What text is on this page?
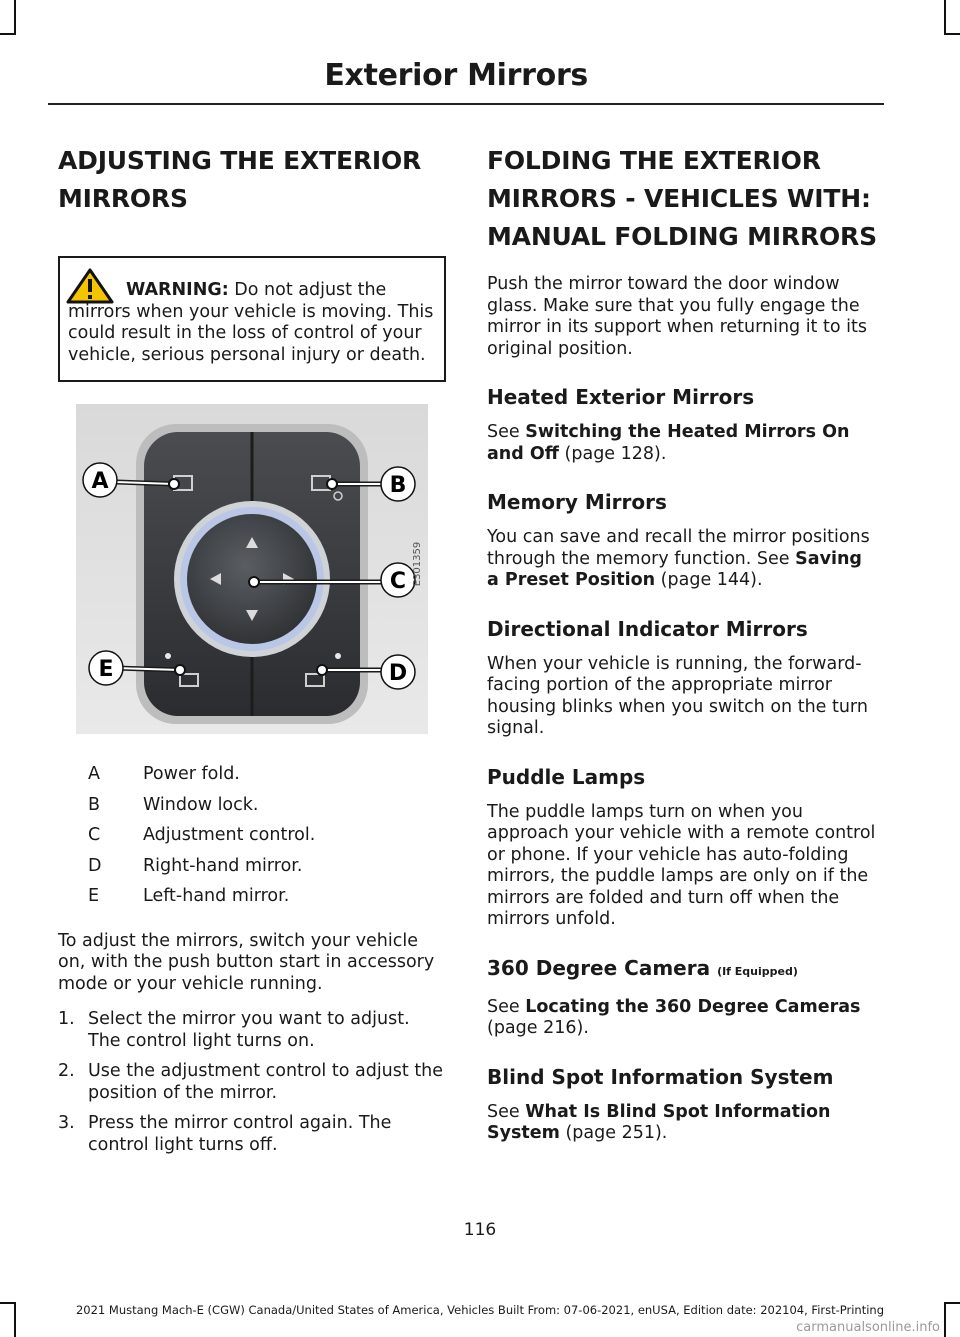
Exterior Mirrors
ADJUSTING THE EXTERIOR MIRRORS
WARNING: Do not adjust the mirrors when your vehicle is moving. This could result in the loss of control of your vehicle, serious personal injury or death.
A	B
C
D
E
E301359
A	Power fold.
B	Window lock.
C	Adjustment control.
D	Right-hand mirror.
E	Left-hand mirror.

To adjust the mirrors, switch your vehicle on, with the push button start in accessory mode or your vehicle running.

1. Select the mirror you want to adjust. The control light turns on.
2. Use the adjustment control to adjust the position of the mirror.
3. Press the mirror control again. The control light turns off.
FOLDING THE EXTERIOR MIRRORS - VEHICLES WITH: MANUAL FOLDING MIRRORS

Push the mirror toward the door window glass. Make sure that you fully engage the mirror in its support when returning it to its original position.

Heated Exterior Mirrors

See Switching the Heated Mirrors On and Off (page 128).

Memory Mirrors

You can save and recall the mirror positions through the memory function. See Saving a Preset Position (page 144).

Directional Indicator Mirrors

When your vehicle is running, the forward-facing portion of the appropriate mirror housing blinks when you switch on the turn signal.

Puddle Lamps

The puddle lamps turn on when you approach your vehicle with a remote control or phone. If your vehicle has auto-folding mirrors, the puddle lamps are only on if the mirrors are folded and turn off when the mirrors unfold.

360 Degree Camera (If Equipped)

See Locating the 360 Degree Cameras (page 216).

Blind Spot Information System

See What Is Blind Spot Information System (page 251).

116
2021 Mustang Mach-E (CGW) Canada/United States of America, Vehicles Built From: 07-06-2021, enUSA, Edition date: 202104, First-Printing
carmanualsonline.info
